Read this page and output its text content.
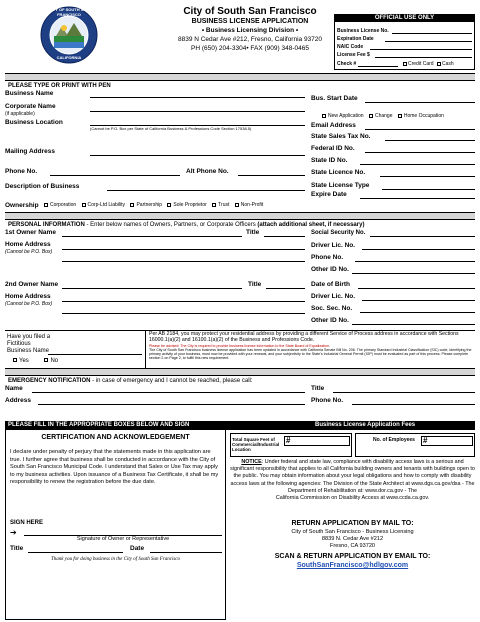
CITY OF SOUTH SAN FRANCISCO
CALIFORNIA
City of South San Francisco
BUSINESS LICENSE APPLICATION
• Business Licensing Division •
8839 N Cedar Ave #212, Fresno, California 93720
PH (650) 204-3304• FAX (909) 348-0465
OFFICIAL USE ONLY
Business License No.
Expiration Date
NAIC Code
License Fee $
Check #	Credit Card Cash
PLEASE TYPE OR PRINT WITH PEN
Business Name
Corporate Name
(if applicable)
Business Location
(Cannot be P.O. Box per State of California Business & Professions Code Section 17538.5)
Mailing Address
Phone No.	Alt Phone No.
Description of Business
Ownership	Corporation Corp-Ltd Liability Partnership Sole Proprietor Trust Non-Profit
Bus. Start Date
New Application Change Home Occupation
Email Address
State Sales Tax No.
Federal ID No.
State ID No.
State Licence No.
State License Type
Expire Date
PERSONAL INFORMATION - Enter below names of Owners, Partners, or Corporate Officers (attach additional sheet, if necessary)
1st Owner Name	Title
Home Address
(Cannot be P.O. Box)
Social Security No.
Driver Lic. No.
Phone No.
Other ID No.
2nd Owner Name	Title
Home Address
(Cannot be P.O. Box)
Date of Birth
Driver Lic. No.
Soc. Sec. No.
Other ID No.
Have you filed a
Fictitious
Business Name
Yes	No
Per AB 2184, you may protect your residential address by providing a different Service of Process address in accordance with Sections 16000.1(a)(2) and 16100.1(a)(2) of the Business and Professions Code.
Please be advised: The City is required to provide business license information to the State Board of Equalization.
The City of South San Francisco business license application has been updated in accordance with California Senate Bill No. 206. The primary Standard Industrial Classification (SIC) code, identifying the primary activity of your business, must now be provided with your renewal, and your subjectivity to the State's Industrial General Permit (IGP) must be evaluated as part of this process. Please complete section 2 on Page 2, to fulfill this new requirement.
EMERGENCY NOTIFICATION - in case of emergency and I cannot be reached, please call:
Name
Address
Title
Phone No.
PLEASE FILL IN THE APPROPRIATE BOXES BELOW AND SIGN	Business License Application Fees
CERTIFICATION AND ACKNOWLEDGEMENT
I declare under penalty of perjury that the statements made in this application are true. I further agree that business shall be conducted in accordance with the City of South San Francisco Municipal Code. I understand that Sales or Use Tax may apply to my business activities. Upon issuance of a Business Tax Certificate, it shall be my responsibility to renew the registration before the due date.
SIGN HERE
➔
Signature of Owner or Representative
Title	Date
Thank you for doing business in the City of South San Francisco
Total Square Feet of Commercial/Industrial Location
#	No. of Employees #
NOTICE: Under federal and state law, compliance with disability access laws is a serious and significant responsibility that applies to all California building owners and tenants with buildings open to the public. You may obtain information about your legal obligations and how to comply with disability access laws at the following agencies: The Division of the State Architect at www.dgs.ca.gov/dsa - The Department of Rehabilitation at: www.dor.ca.gov - The
California Commission on Disability Access at www.ccda.ca.gov.
RETURN APPLICATION BY MAIL TO:
City of South San Francisco - Business Licensing
8839 N. Cedar Ave #212
Fresno, CA 93720
SCAN & RETURN APPLICATION BY EMAIL TO:
SouthSanFrancisco@hdlgov.com
